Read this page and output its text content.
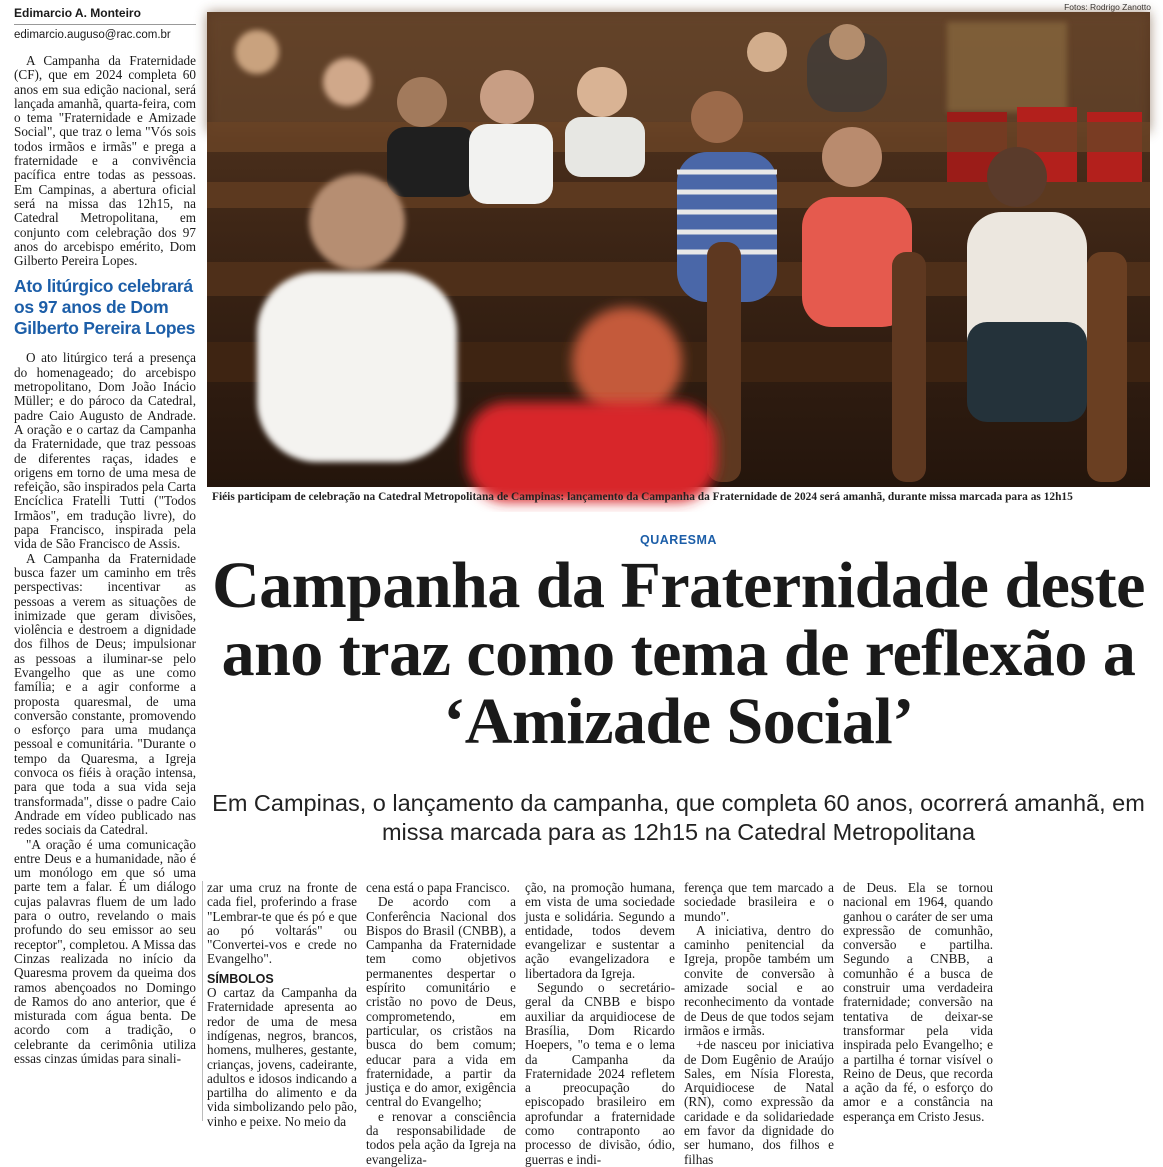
Edimarcio A. Monteiro
edimarcio.auguso@rac.com.br

A Campanha da Fraternidade (CF), que em 2024 completa 60 anos em sua edição nacional, será lançada amanhã, quarta-feira, com o tema "Fraternidade e Amizade Social", que traz o lema "Vós sois todos irmãos e irmãs" e prega a fraternidade e a convivência pacífica entre todas as pessoas. Em Campinas, a abertura oficial será na missa das 12h15, na Catedral Metropolitana, em conjunto com celebração dos 97 anos do arcebispo emérito, Dom Gilberto Pereira Lopes.

Ato litúrgico celebrará os 97 anos de Dom Gilberto Pereira Lopes

O ato litúrgico terá a presença do homenageado; do arcebispo metropolitano, Dom João Inácio Müller; e do pároco da Catedral, padre Caio Augusto de Andrade. A oração e o cartaz da Campanha da Fraternidade, que traz pessoas de diferentes raças, idades e origens em torno de uma mesa de refeição, são inspirados pela Carta Encíclica Fratelli Tutti ("Todos Irmãos", em tradução livre), do papa Francisco, inspirada pela vida de São Francisco de Assis.

A Campanha da Fraternidade busca fazer um caminho em três perspectivas: incentivar as pessoas a verem as situações de inimizade que geram divisões, violência e destroem a dignidade dos filhos de Deus; impulsionar as pessoas a iluminar-se pelo Evangelho que as une como família; e a agir conforme a proposta quaresmal, de uma conversão constante, promovendo o esforço para uma mudança pessoal e comunitária. "Durante o tempo da Quaresma, a Igreja convoca os fiéis à oração intensa, para que toda a sua vida seja transformada", disse o padre Caio Andrade em vídeo publicado nas redes sociais da Catedral.

"A oração é uma comunicação entre Deus e a humanidade, não é um monólogo em que só uma parte tem a falar. É um diálogo cujas palavras fluem de um lado para o outro, revelando o mais profundo do seu emissor ao seu receptor", completou. A Missa das Cinzas realizada no início da Quaresma provem da queima dos ramos abençoados no Domingo de Ramos do ano anterior, que é misturada com água benta. De acordo com a tradição, o celebrante da cerimônia utiliza essas cinzas úmidas para sinali-

Fotos: Rodrigo Zanotto
Fiéis participam de celebração na Catedral Metropolitana de Campinas: lançamento da Campanha da Fraternidade de 2024 será amanhã, durante missa marcada para as 12h15
QUARESMA
Campanha da Fraternidade deste ano traz como tema de reflexão a ‘Amizade Social’
Em Campinas, o lançamento da campanha, que completa 60 anos, ocorrerá amanhã, em missa marcada para as 12h15 na Catedral Metropolitana

zar uma cruz na fronte de cada fiel, proferindo a frase "Lembrar-te que és pó e que ao pó voltarás" ou "Convertei-vos e crede no Evangelho".

SÍMBOLOS

O cartaz da Campanha da Fraternidade apresenta ao redor de uma de mesa indígenas, negros, brancos, homens, mulheres, gestante, crianças, jovens, cadeirante, adultos e idosos indicando a partilha do alimento e da vida simbolizando pelo pão, vinho e peixe. No meio da

cena está o papa Francisco.

De acordo com a Conferência Nacional dos Bispos do Brasil (CNBB), a Campanha da Fraternidade tem como objetivos permanentes despertar o espírito comunitário e cristão no povo de Deus, comprometendo, em particular, os cristãos na busca do bem comum; educar para a vida em fraternidade, a partir da justiça e do amor, exigência central do Evangelho;

e renovar a consciência da responsabilidade de todos pela ação da Igreja na evangeliza-

ção, na promoção humana, em vista de uma sociedade justa e solidária. Segundo a entidade, todos devem evangelizar e sustentar a ação evangelizadora e libertadora da Igreja.

Segundo o secretário-geral da CNBB e bispo auxiliar da arquidiocese de Brasília, Dom Ricardo Hoepers, "o tema e o lema da Campanha da Fraternidade 2024 refletem a preocupação do episcopado brasileiro em aprofundar a fraternidade como contraponto ao processo de divisão, ódio, guerras e indi-

ferença que tem marcado a sociedade brasileira e o mundo".

A iniciativa, dentro do caminho penitencial da Igreja, propõe também um convite de conversão à amizade social e ao reconhecimento da vontade de Deus de que todos sejam irmãos e irmãs.

+de nasceu por iniciativa de Dom Eugênio de Araújo Sales, em Nísia Floresta, Arquidiocese de Natal (RN), como expressão da caridade e da solidariedade em favor da dignidade do ser humano, dos filhos e filhas

de Deus. Ela se tornou nacional em 1964, quando ganhou o caráter de ser uma expressão de comunhão, conversão e partilha. Segundo a CNBB, a comunhão é a busca de construir uma verdadeira fraternidade; conversão na tentativa de deixar-se transformar pela vida inspirada pelo Evangelho; e a partilha é tornar visível o Reino de Deus, que recorda a ação da fé, o esforço do amor e a constância na esperança em Cristo Jesus.
